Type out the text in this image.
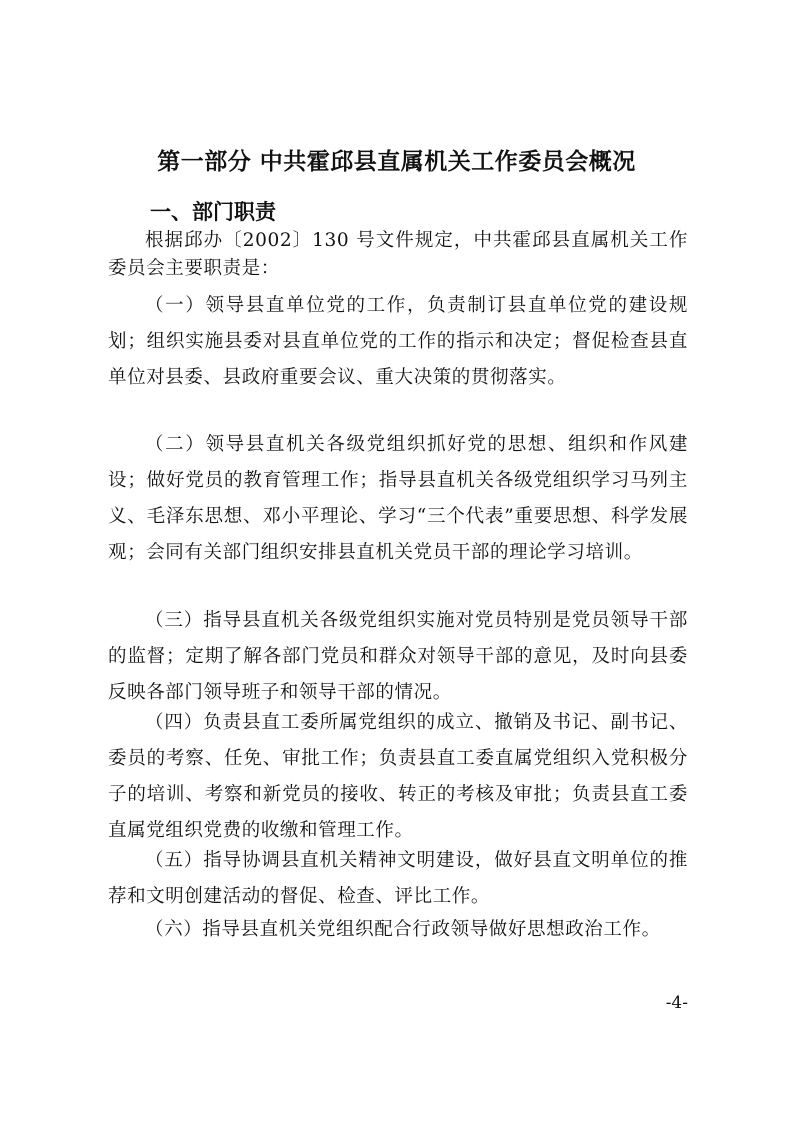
第一部分 中共霍邱县直属机关工作委员会概况
一、部门职责

根据邱办〔2002〕130 号文件规定，中共霍邱县直属机关工作委员会主要职责是：

（一）领导县直单位党的工作，负责制订县直单位党的建设规划；组织实施县委对县直单位党的工作的指示和决定；督促检查县直单位对县委、县政府重要会议、重大决策的贯彻落实。

（二）领导县直机关各级党组织抓好党的思想、组织和作风建设；做好党员的教育管理工作；指导县直机关各级党组织学习马列主义、毛泽东思想、邓小平理论、学习“三个代表”重要思想、科学发展观；会同有关部门组织安排县直机关党员干部的理论学习培训。

（三）指导县直机关各级党组织实施对党员特别是党员领导干部的监督；定期了解各部门党员和群众对领导干部的意见，及时向县委反映各部门领导班子和领导干部的情况。

（四）负责县直工委所属党组织的成立、撤销及书记、副书记、委员的考察、任免、审批工作；负责县直工委直属党组织入党积极分子的培训、考察和新党员的接收、转正的考核及审批；负责县直工委直属党组织党费的收缴和管理工作。

（五）指导协调县直机关精神文明建设，做好县直文明单位的推荐和文明创建活动的督促、检查、评比工作。

（六）指导县直机关党组织配合行政领导做好思想政治工作。

-4-
